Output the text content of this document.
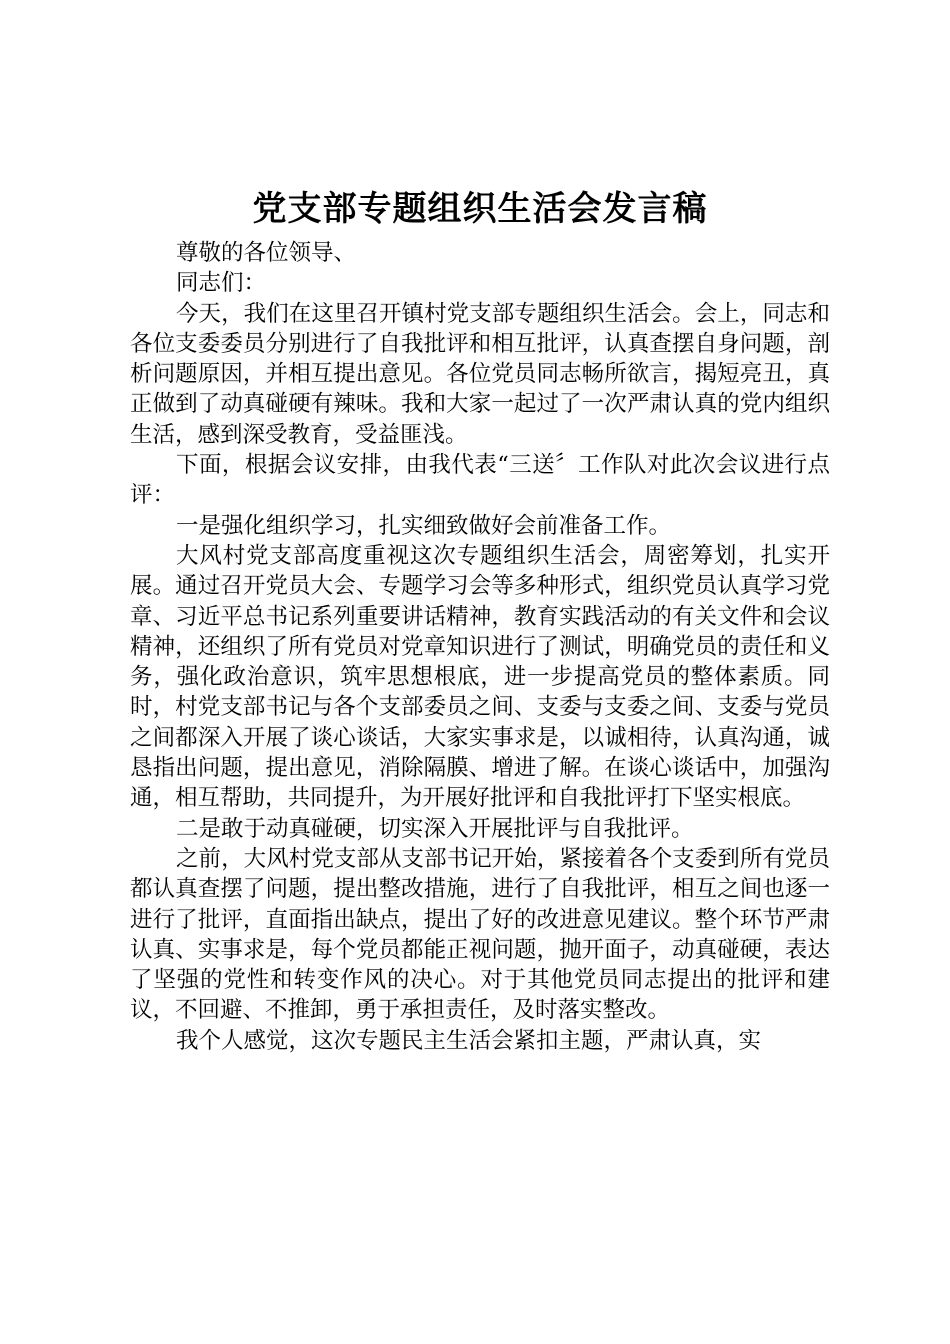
党支部专题组织生活会发言稿

尊敬的各位领导、

同志们：

今天，我们在这里召开镇村党支部专题组织生活会。会上，同志和各位支委委员分别进行了自我批评和相互批评，认真查摆自身问题，剖析问题原因，并相互提出意见。各位党员同志畅所欲言，揭短亮丑，真正做到了动真碰硬有辣味。我和大家一起过了一次严肃认真的党内组织生活，感到深受教育，受益匪浅。

下面，根据会议安排，由我代表“三送〞工作队对此次会议进行点评：

一是强化组织学习，扎实细致做好会前准备工作。

大风村党支部高度重视这次专题组织生活会，周密筹划，扎实开展。通过召开党员大会、专题学习会等多种形式，组织党员认真学习党章、习近平总书记系列重要讲话精神，教育实践活动的有关文件和会议精神，还组织了所有党员对党章知识进行了测试，明确党员的责任和义务，强化政治意识，筑牢思想根底，进一步提高党员的整体素质。同时，村党支部书记与各个支部委员之间、支委与支委之间、支委与党员之间都深入开展了谈心谈话，大家实事求是，以诚相待，认真沟通，诚恳指出问题，提出意见，消除隔膜、增进了解。在谈心谈话中，加强沟通，相互帮助，共同提升，为开展好批评和自我批评打下坚实根底。

二是敢于动真碰硬，切实深入开展批评与自我批评。

之前，大风村党支部从支部书记开始，紧接着各个支委到所有党员都认真查摆了问题，提出整改措施，进行了自我批评，相互之间也逐一进行了批评，直面指出缺点，提出了好的改进意见建议。整个环节严肃认真、实事求是，每个党员都能正视问题，抛开面子，动真碰硬，表达了坚强的党性和转变作风的决心。对于其他党员同志提出的批评和建议，不回避、不推卸，勇于承担责任，及时落实整改。

我个人感觉，这次专题民主生活会紧扣主题，严肃认真，实
